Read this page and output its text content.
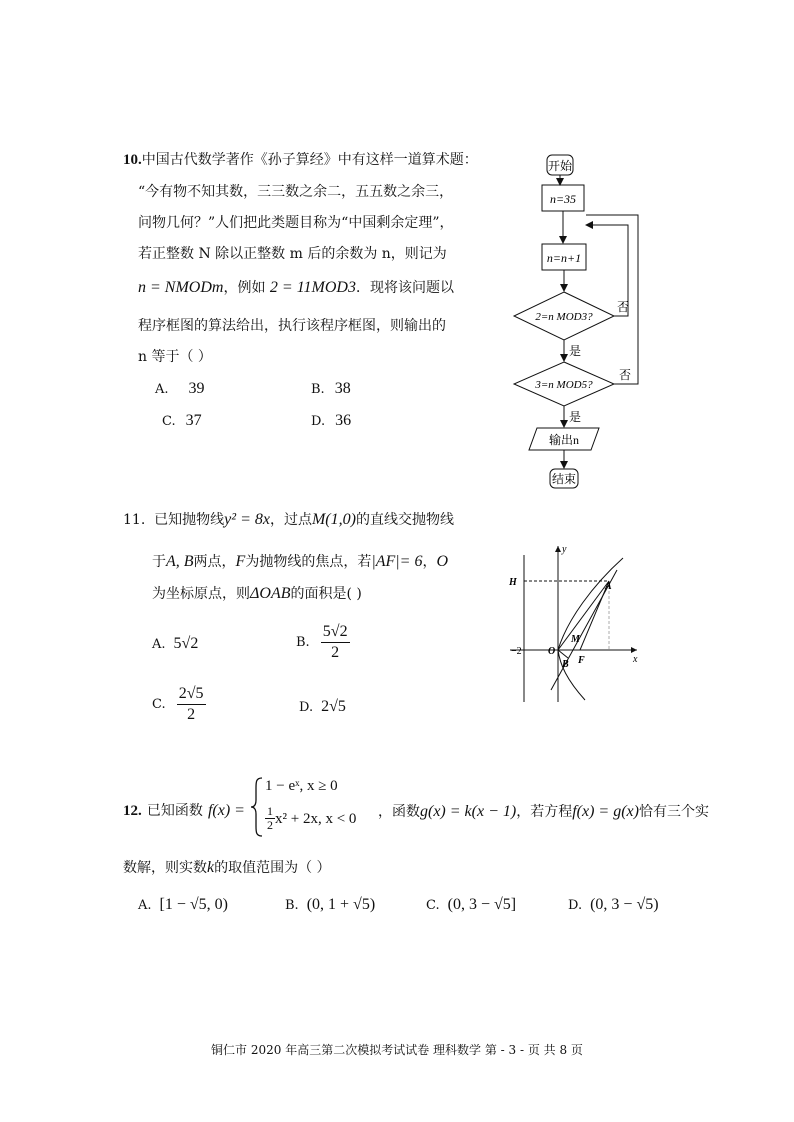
10.中国古代数学著作《孙子算经》中有这样一道算术题：
“今有物不知其数，三三数之余二，五五数之余三，
问物几何？”人们把此类题目称为“中国剩余定理”，
若正整数 N 除以正整数 m 后的余数为 n，则记为
n = NMODm，例如 2 = 11MOD3．现将该问题以
程序框图的算法给出，执行该程序框图，则输出的
n 等于（ ）
A. 39	B. 38
C. 37	D. 36
开始
n=35
n=n+1
2=n MOD3?
否
是
3=n MOD5?
否
是
输出n
结束
11. 已知抛物线y² = 8x，过点M(1,0)的直线交抛物线
于A, B两点，F为抛物线的焦点，若|AF|= 6，O
为坐标原点，则ΔOAB的面积是( )
A. 5√2	B. $\frac{5√2}{2}$
C. $\frac{2√5}{2}$	D. 2√5
y
x
H	A
M
F
O
B
−2
12. 已知函数 f(x) =
1 − eˣ, x ≥ 0
$\frac{1}{2} x^2 + 2x$, x < 0 ，函数g(x) = k(x − 1)，若方程f(x) = g(x)恰有三个实
数解，则实数k的取值范围为（ ）
A. [1 − √5, 0)	B. (0, 1 + √5)	C. (0, 3 − √5]	D. (0, 3 − √5)
铜仁市 2020 年高三第二次模拟考试试卷 理科数学 第 - 3 - 页 共 8 页
